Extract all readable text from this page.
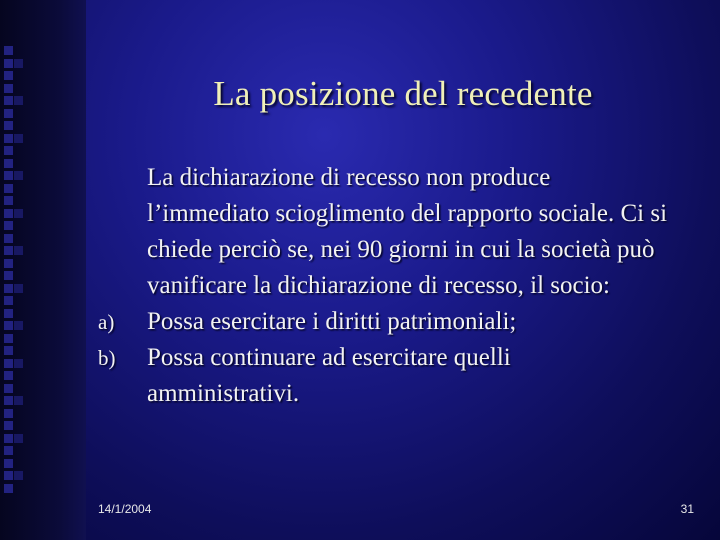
La posizione del recedente
La dichiarazione di recesso non produce l’immediato scioglimento del rapporto sociale. Ci si chiede perciò se, nei 90 giorni in cui la società può vanificare la dichiarazione di recesso, il socio:
a)	Possa esercitare i diritti patrimoniali;
b)	Possa continuare ad esercitare quelli amministrativi.
14/1/2004	31
